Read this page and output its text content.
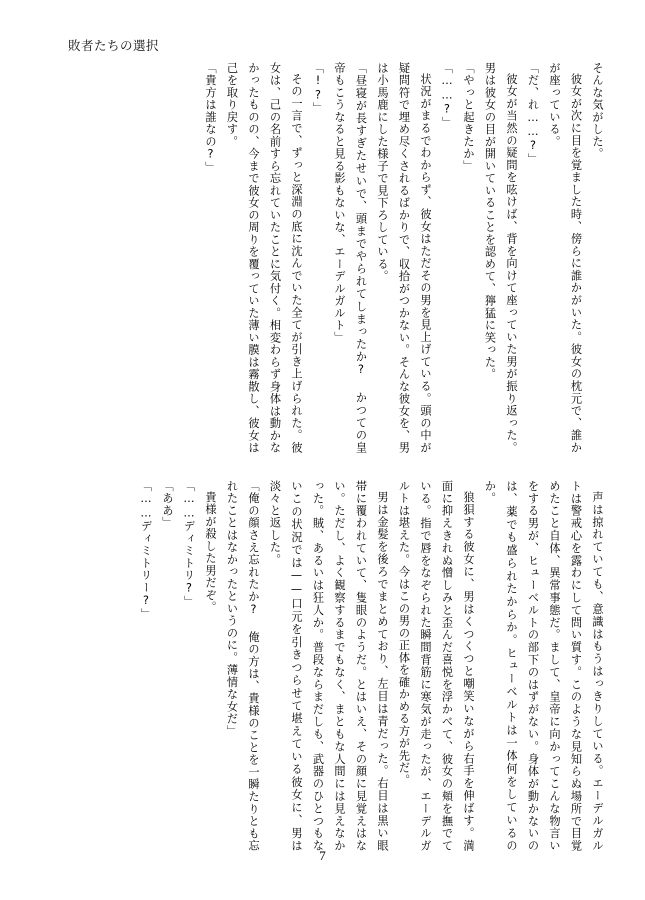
敗者たちの選択

そんな気がした。

彼女が次に目を覚ました時、傍らに誰かがいた。彼女の枕元で、誰かが座っている。

「だ、れ……?」

彼女が当然の疑問を呟けば、背を向けて座っていた男が振り返った。男は彼女の目が開いていることを認めて、獰猛に笑った。

「やっと起きたか」

「……?」

状況がまるでわからず、彼女はただその男を見上げている。頭の中が疑問符で埋め尽くされるばかりで、収拾がつかない。そんな彼女を、男は小馬鹿にした様子で見下ろしている。

「昼寝が長すぎたせいで、頭までやられてしまったか? かつての皇帝もこうなると見る影もないな、エーデルガルト」

「!?」

その一言で、ずっと深淵の底に沈んでいた全てが引き上げられた。彼女は、己の名前すら忘れていたことに気付く。相変わらず身体は動かなかったものの、今まで彼女の周りを覆っていた薄い膜は霧散し、彼女は己を取り戻す。

「貴方は誰なの?」

声は掠れていても、意識はもうはっきりしている。エーデルガルトは警戒心を露わにして問い質す。このような見知らぬ場所で目覚めたこと自体、異常事態だ。まして、皇帝に向かってこんな物言いをする男が、ヒューベルトの部下のはずがない。身体が動かないのは、薬でも盛られたからか。ヒューベルトは一体何をしているのか。

狼狽する彼女に、男はくつくつと嘲笑いながら右手を伸ばす。満面に抑えきれぬ憎しみと歪んだ喜悦を浮かべて、彼女の頬を撫でている。指で唇をなぞられた瞬間背筋に寒気が走ったが、エーデルガルトは堪えた。今はこの男の正体を確かめる方が先だ。

男は金髪を後ろでまとめており、左目は青だった。右目は黒い眼帯に覆われていて、隻眼のようだ。とはいえ、その顔に見覚えはない。ただし、よく観察するまでもなく、まともな人間には見えなかった。賊、あるいは狂人か。普段ならまだしも、武器のひとつもないこの状況では——口元を引きつらせて堪えている彼女に、男は淡々と返した。

「俺の顔さえ忘れたか? 俺の方は、貴様のことを一瞬たりとも忘れたことはなかったというのに。薄情な女だ」

貴様が殺した男だぞ。

「……ディミトリ?」

「ああ」

「……ディミトリー?」

7
